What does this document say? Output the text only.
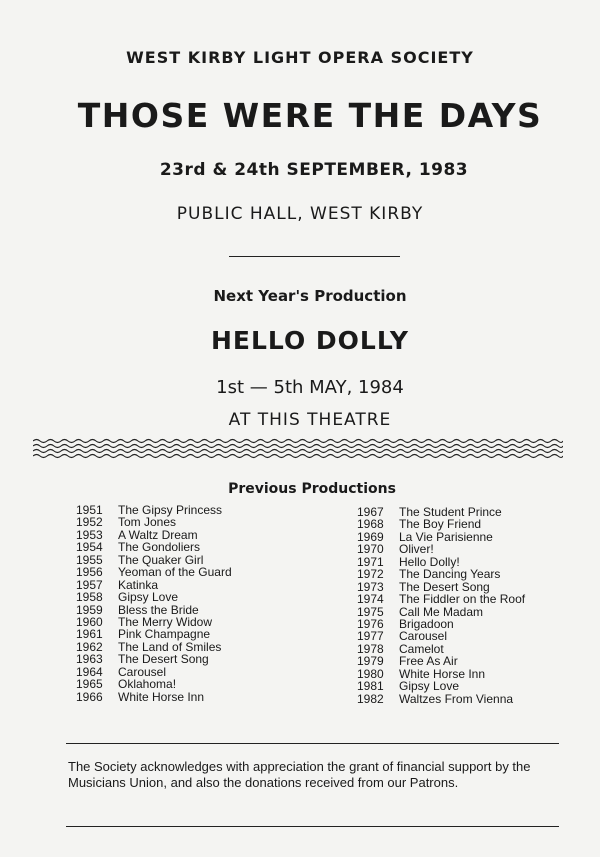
WEST KIRBY LIGHT OPERA SOCIETY
THOSE WERE THE DAYS
23rd & 24th SEPTEMBER, 1983
PUBLIC HALL, WEST KIRBY
Next Year's Production
HELLO DOLLY
1st — 5th MAY, 1984
AT THIS THEATRE
Previous Productions
1951 The Gipsy Princess
1952 Tom Jones
1953 A Waltz Dream
1954 The Gondoliers
1955 The Quaker Girl
1956 Yeoman of the Guard
1957 Katinka
1958 Gipsy Love
1959 Bless the Bride
1960 The Merry Widow
1961 Pink Champagne
1962 The Land of Smiles
1963 The Desert Song
1964 Carousel
1965 Oklahoma!
1966 White Horse Inn
1967 The Student Prince
1968 The Boy Friend
1969 La Vie Parisienne
1970 Oliver!
1971 Hello Dolly!
1972 The Dancing Years
1973 The Desert Song
1974 The Fiddler on the Roof
1975 Call Me Madam
1976 Brigadoon
1977 Carousel
1978 Camelot
1979 Free As Air
1980 White Horse Inn
1981 Gipsy Love
1982 Waltzes From Vienna
The Society acknowledges with appreciation the grant of financial support by the Musicians Union, and also the donations received from our Patrons.
